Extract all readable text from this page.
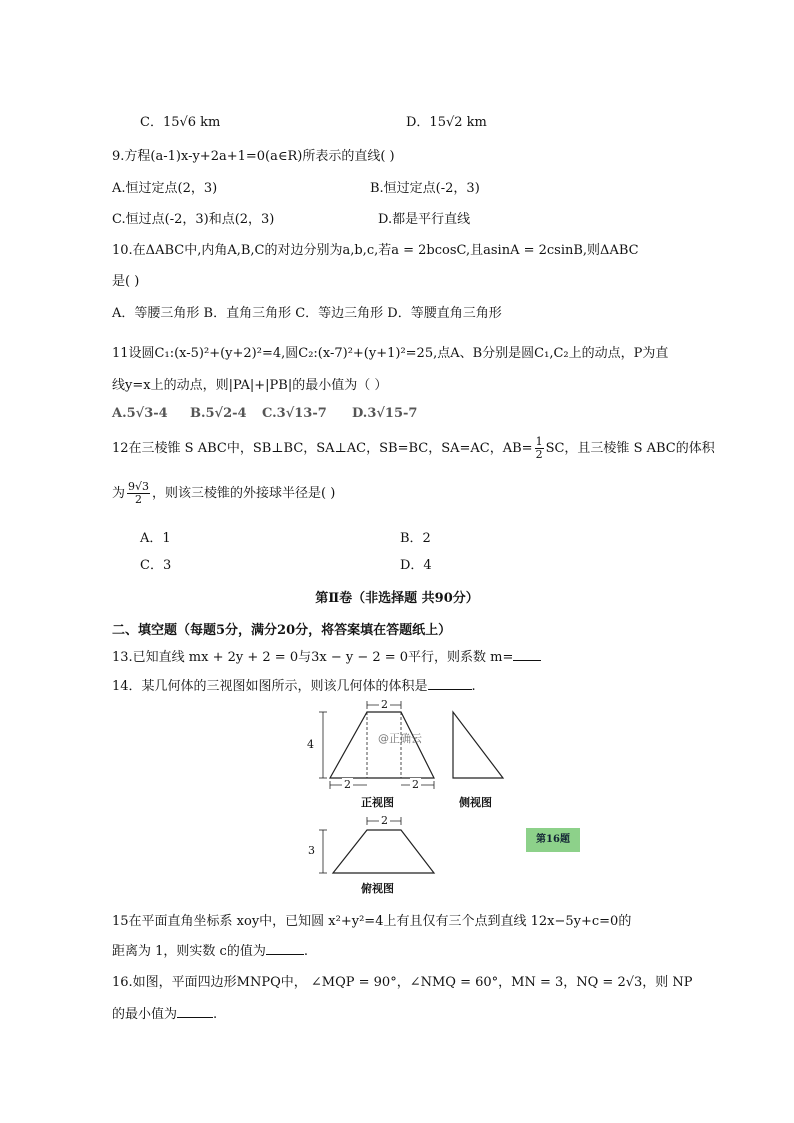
C．15√6 km	D．15√2 km
9.方程(a-1)x-y+2a+1=0(a∈R)所表示的直线( )
A.恒过定点(2，3)	B.恒过定点(-2，3)
C.恒过点(-2，3)和点(2，3)	D.都是平行直线
10.在ΔABC中,内角A,B,C的对边分别为a,b,c,若a = 2bcosC,且asinA = 2csinB,则ΔABC
是( )
A．等腰三角形 B．直角三角形 C．等边三角形 D．等腰直角三角形
11设圆C₁:(x-5)²+(y+2)²=4,圆C₂:(x-7)²+(y+1)²=25,点A、B分别是圆C₁,C₂上的动点，P为直
线y=x上的动点，则|PA|+|PB|的最小值为（ ）
A.5√3-4 B.5√2-4 C.3√13-7 D.3√15-7
12在三棱锥 S ABC中，SB⊥BC，SA⊥AC，SB=BC，SA=AC，$AB= \frac{1}{2}$ SC，且三棱锥 S ABC的体积
为 $\frac{9√3}{2}$ ，则该三棱锥的外接球半径是( )
A．1	B．2
C．3	D．4
第Ⅱ卷（非选择题 共90分）
二、填空题（每题5分，满分20分，将答案填在答题纸上）
13.已知直线 mx + 2y + 2 = 0与3x − y − 2 = 0平行，则系数 m=
14．某几何体的三视图如图所示，则该几何体的体积是	.
2
4
2	2
@正确云
正视图	侧视图
2
3
俯视图
第16题
15在平面直角坐标系 xoy中，已知圆 x²+y²=4上有且仅有三个点到直线 12x−5y+c=0的
距离为 1，则实数 c的值为	.
16.如图，平面四边形MNPQ中， ∠MQP = 90°，∠NMQ = 60°，MN = 3，NQ = 2√3，则 NP
的最小值为	.
